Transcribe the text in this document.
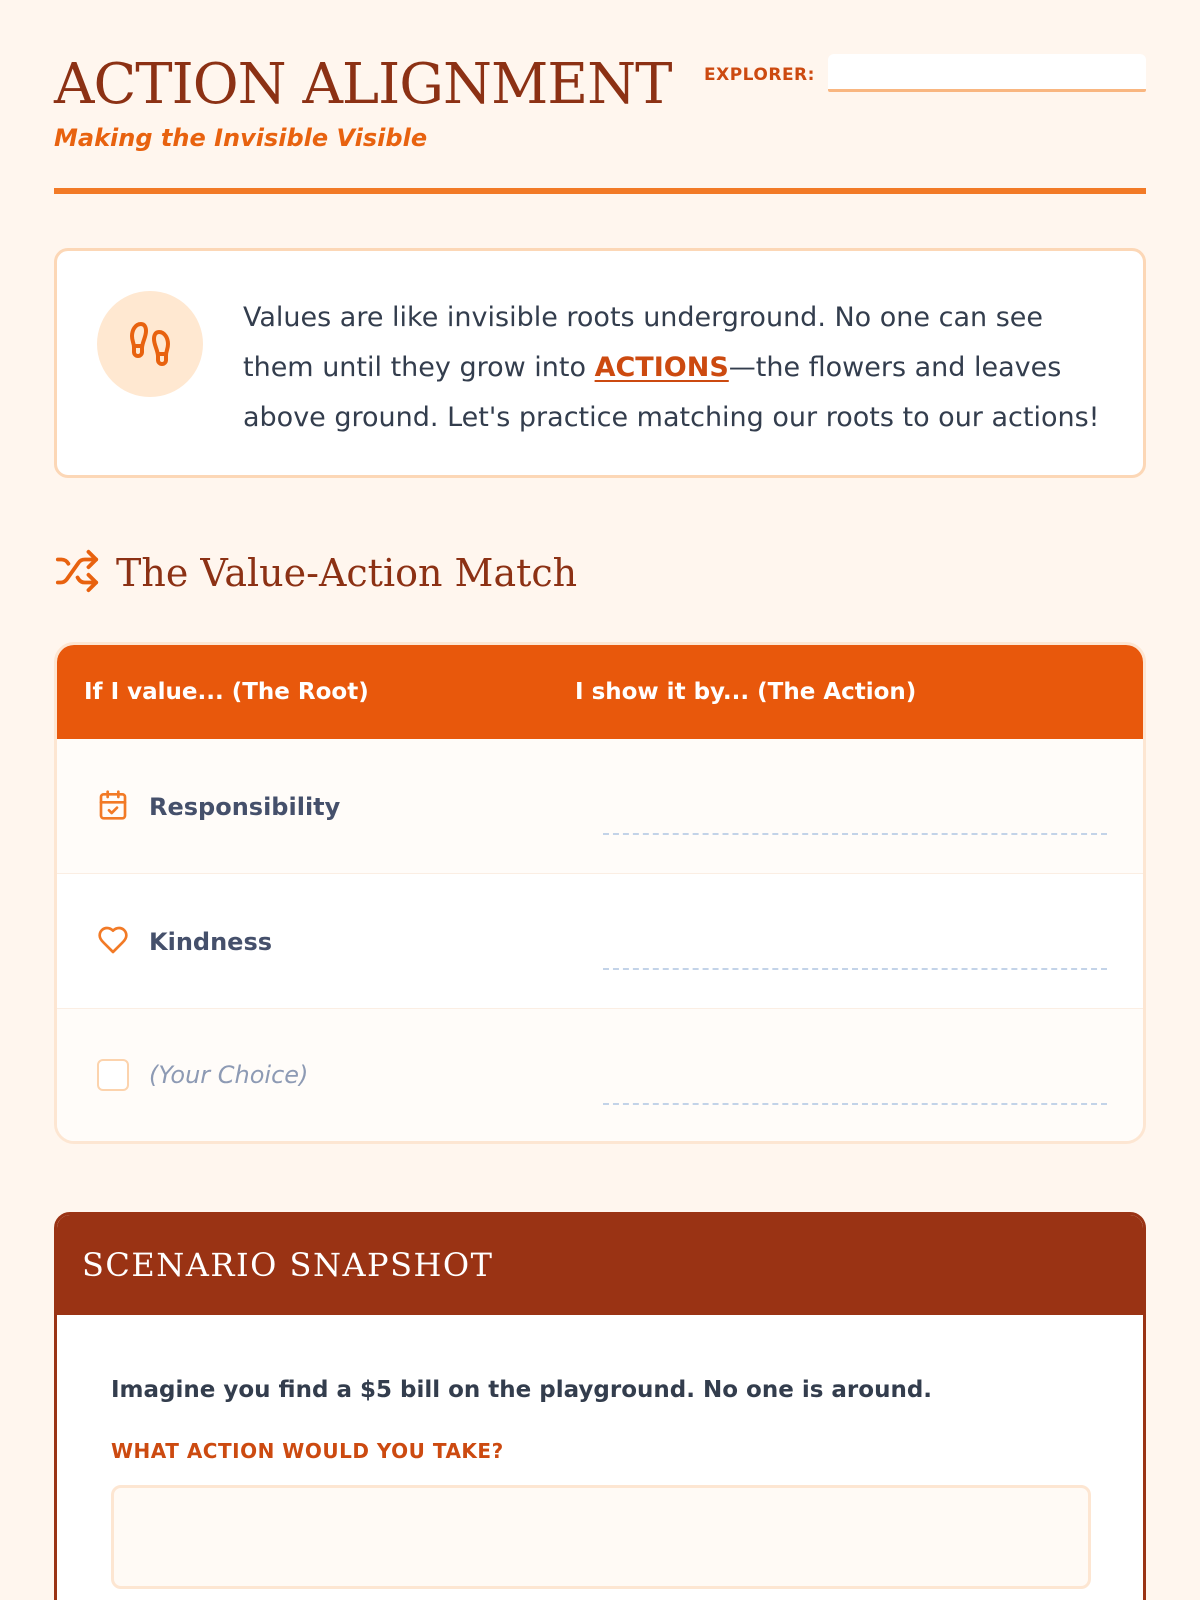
ACTION ALIGNMENT
Making the Invisible Visible
EXPLORER:

Values are like invisible roots underground. No one can see them until they grow into ACTIONS—the flowers and leaves above ground. Let's practice matching our roots to our actions!

The Value-Action Match
If I value... (The Root)	I show it by... (The Action)
Responsibility
Kindness
(Your Choice)
SCENARIO SNAPSHOT

Imagine you find a $5 bill on the playground. No one is around.

WHAT ACTION WOULD YOU TAKE?
